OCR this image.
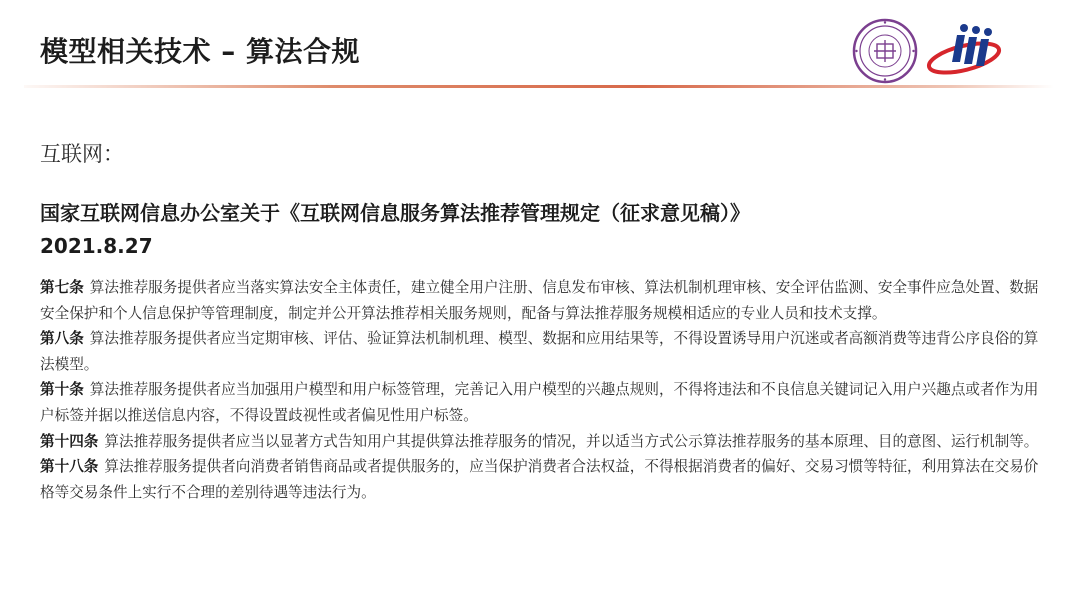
模型相关技术 – 算法合规
互联网：
国家互联网信息办公室关于《互联网信息服务算法推荐管理规定（征求意见稿）》
2021.8.27

第七条 算法推荐服务提供者应当落实算法安全主体责任，建立健全用户注册、信息发布审核、算法机制机理审核、安全评估监测、安全事件应急处置、数据安全保护和个人信息保护等管理制度，制定并公开算法推荐相关服务规则，配备与算法推荐服务规模相适应的专业人员和技术支撑。

第八条 算法推荐服务提供者应当定期审核、评估、验证算法机制机理、模型、数据和应用结果等，不得设置诱导用户沉迷或者高额消费等违背公序良俗的算法模型。

第十条 算法推荐服务提供者应当加强用户模型和用户标签管理，完善记入用户模型的兴趣点规则，不得将违法和不良信息关键词记入用户兴趣点或者作为用户标签并据以推送信息内容，不得设置歧视性或者偏见性用户标签。

第十四条 算法推荐服务提供者应当以显著方式告知用户其提供算法推荐服务的情况，并以适当方式公示算法推荐服务的基本原理、目的意图、运行机制等。

第十八条 算法推荐服务提供者向消费者销售商品或者提供服务的，应当保护消费者合法权益，不得根据消费者的偏好、交易习惯等特征，利用算法在交易价格等交易条件上实行不合理的差别待遇等违法行为。
